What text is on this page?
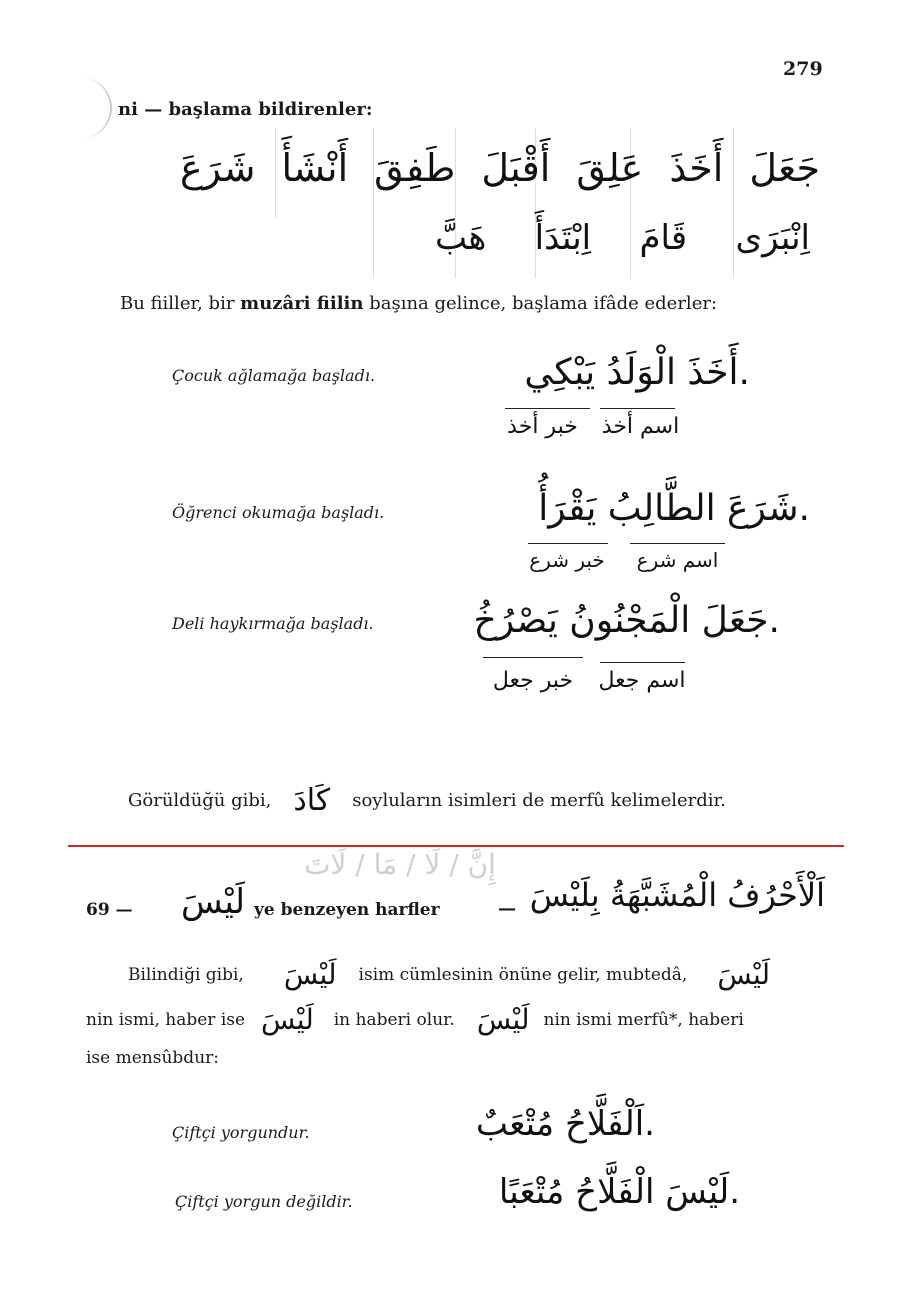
279
ni — başlama bildirenler:
شَرَعَ أَنْشَأَ طَفِقَ أَقْبَلَ عَلِقَ أَخَذَ جَعَلَ
هَبَّ اِبْتَدَأَ قَامَ اِنْبَرَى
Bu fiiller, bir muzâri fiilin başına gelince, başlama ifâde ederler:
Çocuk ağlamağa başladı.	.أَخَذَ الْوَلَدُ يَبْكِي
خبر أخذ	اسم أخذ
Öğrenci okumağa başladı.	.شَرَعَ الطَّالِبُ يَقْرَأُ
خبر شرع	اسم شرع
Deli haykırmağa başladı.	.جَعَلَ الْمَجْنُونُ يَصْرُخُ
خبر جعل	اسم جعل
Görüldüğü gibi, كَادَ soyluların isimleri de merfû kelimelerdir.
إِنَّ / لَا / مَا / لَاتَ
69 — لَيْسَ ye benzeyen harfler	— اَلْأَحْرُفُ الْمُشَبَّهَةُ بِلَيْسَ
Bilindiği gibi, لَيْسَ isim cümlesinin önüne gelir, mubtedâ, لَيْسَ
nin ismi, haber ise لَيْسَ in haberi olur. لَيْسَ nin ismi merfû*, haberi
ise mensûbdur:
Çiftçi yorgundur.	.اَلْفَلَّاحُ مُتْعَبٌ
Çiftçi yorgun değildir.	.لَيْسَ الْفَلَّاحُ مُتْعَبًا
